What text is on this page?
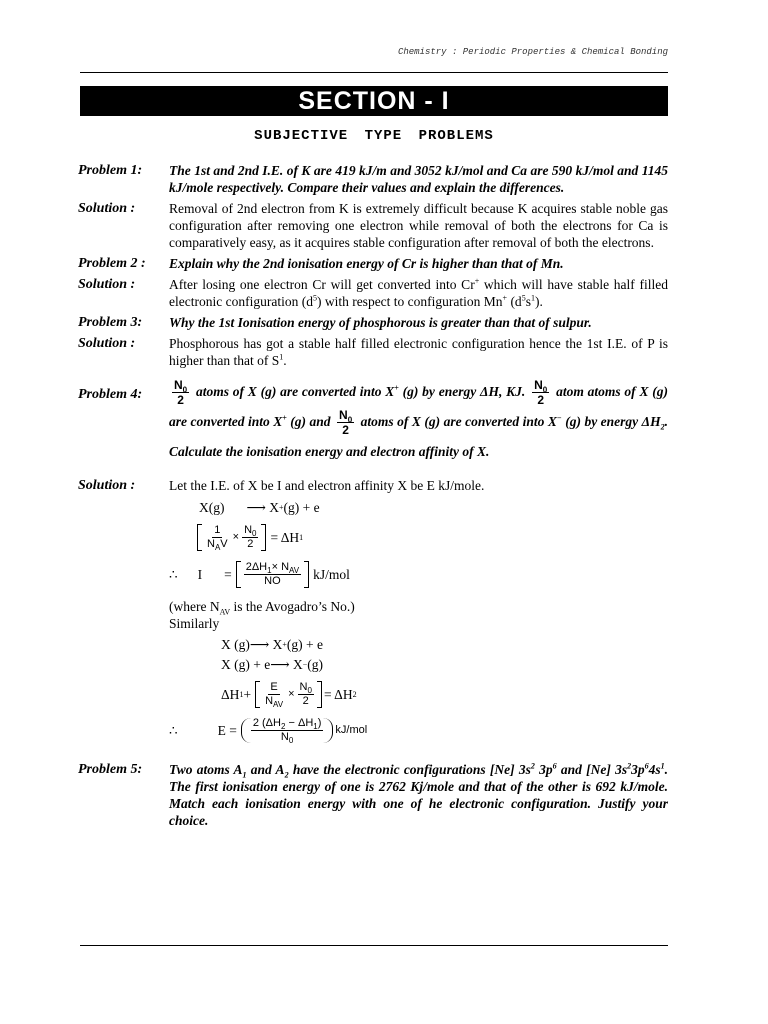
Chemistry : Periodic Properties & Chemical Bonding
SECTION - I
SUBJECTIVE TYPE PROBLEMS
Problem 1:	The 1st and 2nd I.E. of K are 419 kJ/m and 3052 kJ/mol and Ca are 590 kJ/mol and 1145 kJ/mole respectively. Compare their values and explain the differences.
Solution :	Removal of 2nd electron from K is extremely difficult because K acquires stable noble gas configuration after removing one electron while removal of both the electrons for Ca is comparatively easy, as it acquires stable configuration after removal of both the electrons.
Problem 2 :	Explain why the 2nd ionisation energy of Cr is higher than that of Mn.
Solution :	After losing one electron Cr will get converted into Cr+ which will have stable half filled electronic configuration $(d^5)$ with respect to configuration Mn+ $(d^5s^1)$.
Problem 3:	Why the 1st Ionisation energy of phosphorous is greater than that of sulpur.
Solution :	Phosphorous has got a stable half filled electronic configuration hence the 1st I.E. of P is higher than that of $S^1$.
Problem 4:	$\frac{N_0}{2}$ atoms of X (g) are converted into X+ (g) by energy ΔH, KJ. $\frac{N_0}{2}$ atom atoms of X (g) are converted into X+ (g) and $\frac{N_0}{2}$ atoms of X (g) are converted into X− (g) by energy $\Delta H_2$. Calculate the ionisation energy and electron affinity of X.
Solution :	Let the I.E. of X be I and electron affinity X be E kJ/mole.
X(g) ⟶ X + (g) + e
$\frac{1}{N_AV} \times \frac{N_0}{2} = \Delta H$ 1
∴ $I = \frac{2\Delta H_1\times N_{AV}}{NO} kJ/mol$
(where $N_{AV}$ is the Avogadro’s No.)
Similarly
X (g)⟶ X + (g) + e
X (g) + e⟶ X − (g)
ΔH $1 + \frac{E}{N_{AV}} \times \frac{N_0}{2} = \Delta H$ 2
∴	$E = \frac{2 (\Delta H_2 - \Delta H_1)}{N_0} kJ/mol$
Problem 5:	Two atoms $A_1$ and $A_2$ have the electronic configurations [Ne] $3s^2$ $3p^6$ and [Ne] $3s^23p^64s^1$. The first ionisation energy of one is 2762 Kj/mole and that of the other is 692 kJ/mole. Match each ionisation energy with one of he electronic configuration. Justify your choice.
